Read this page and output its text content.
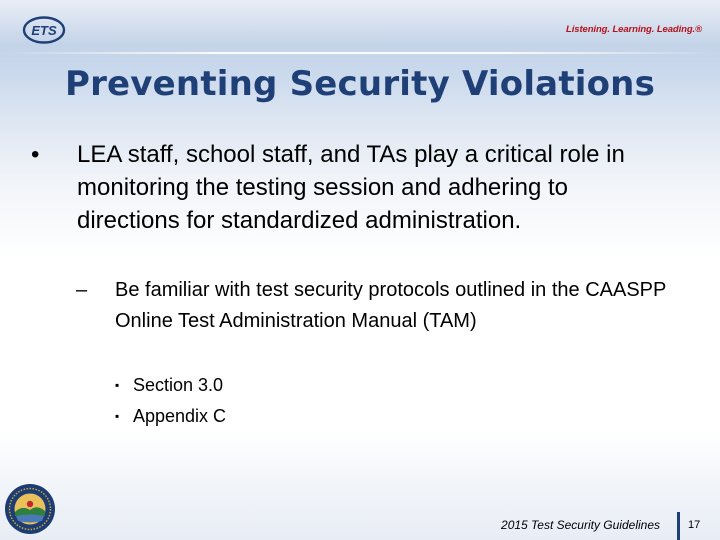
ETS	Listening. Learning. Leading.®
Preventing Security Violations
• LEA staff, school staff, and TAs play a critical role in monitoring the testing session and adhering to directions for standardized administration.
– Be familiar with test security protocols outlined in the CAASPP Online Test Administration Manual (TAM)
▪ Section 3.0
▪ Appendix C
2015 Test Security Guidelines	17
